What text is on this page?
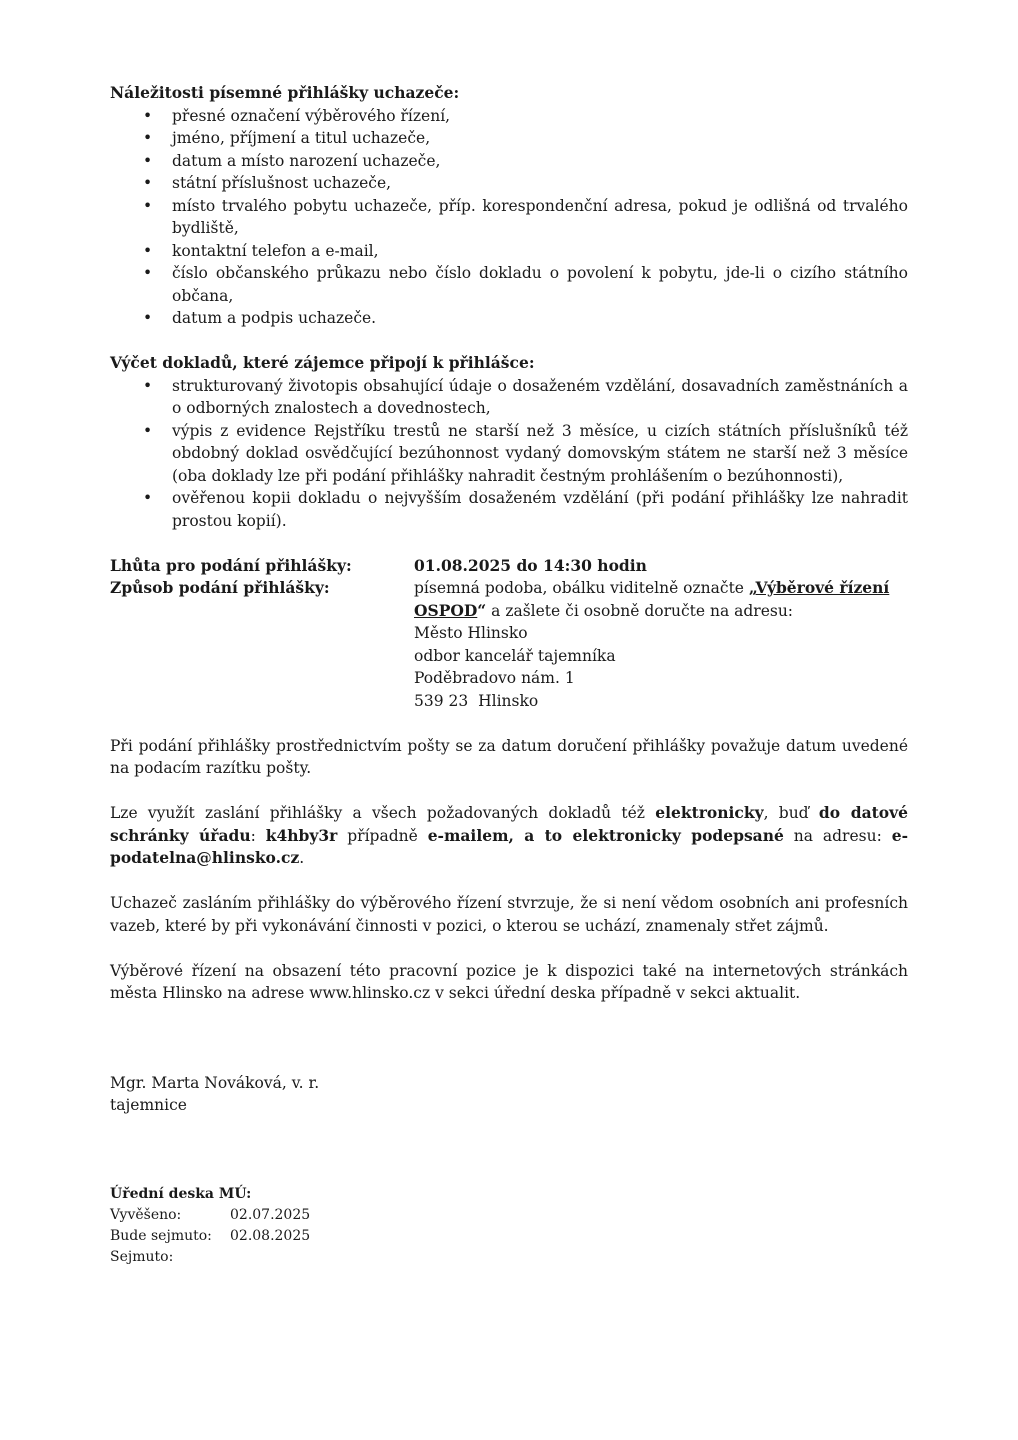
Náležitosti písemné přihlášky uchazeče:

• přesné označení výběrového řízení,
• jméno, příjmení a titul uchazeče,
• datum a místo narození uchazeče,
• státní příslušnost uchazeče,
• místo trvalého pobytu uchazeče, příp. korespondenční adresa, pokud je odlišná od trvalého bydliště,
• kontaktní telefon a e-mail,
• číslo občanského průkazu nebo číslo dokladu o povolení k pobytu, jde-li o cizího státního občana,
• datum a podpis uchazeče.

Výčet dokladů, které zájemce připojí k přihlášce:

• strukturovaný životopis obsahující údaje o dosaženém vzdělání, dosavadních zaměstnáních a o odborných znalostech a dovednostech,
• výpis z evidence Rejstříku trestů ne starší než 3 měsíce, u cizích státních příslušníků též obdobný doklad osvědčující bezúhonnost vydaný domovským státem ne starší než 3 měsíce (oba doklady lze při podání přihlášky nahradit čestným prohlášením o bezúhonnosti),
• ověřenou kopii dokladu o nejvyšším dosaženém vzdělání (při podání přihlášky lze nahradit prostou kopií).
Lhůta pro podání přihlášky:	01.08.2025 do 14:30 hodin
Způsob podání přihlášky:	písemná podoba, obálku viditelně označte „Výběrové řízení OSPOD“ a zašlete či osobně doručte na adresu:
Město Hlinsko
odbor kancelář tajemníka
Poděbradovo nám. 1
539 23  Hlinsko

Při podání přihlášky prostřednictvím pošty se za datum doručení přihlášky považuje datum uvedené na podacím razítku pošty.

Lze využít zaslání přihlášky a všech požadovaných dokladů též elektronicky, buď do datové schránky úřadu: k4hby3r případně e-mailem, a to elektronicky podepsané na adresu: e-podatelna@hlinsko.cz.

Uchazeč zasláním přihlášky do výběrového řízení stvrzuje, že si není vědom osobních ani profesních vazeb, které by při vykonávání činnosti v pozici, o kterou se uchází, znamenaly střet zájmů.

Výběrové řízení na obsazení této pracovní pozice je k dispozici také na internetových stránkách města Hlinsko na adrese www.hlinsko.cz v sekci úřední deska případně v sekci aktualit.

Mgr. Marta Nováková, v. r.
tajemnice
Úřední deska MÚ:
Vyvěšeno:	02.07.2025
Bude sejmuto:	02.08.2025
Sejmuto:
